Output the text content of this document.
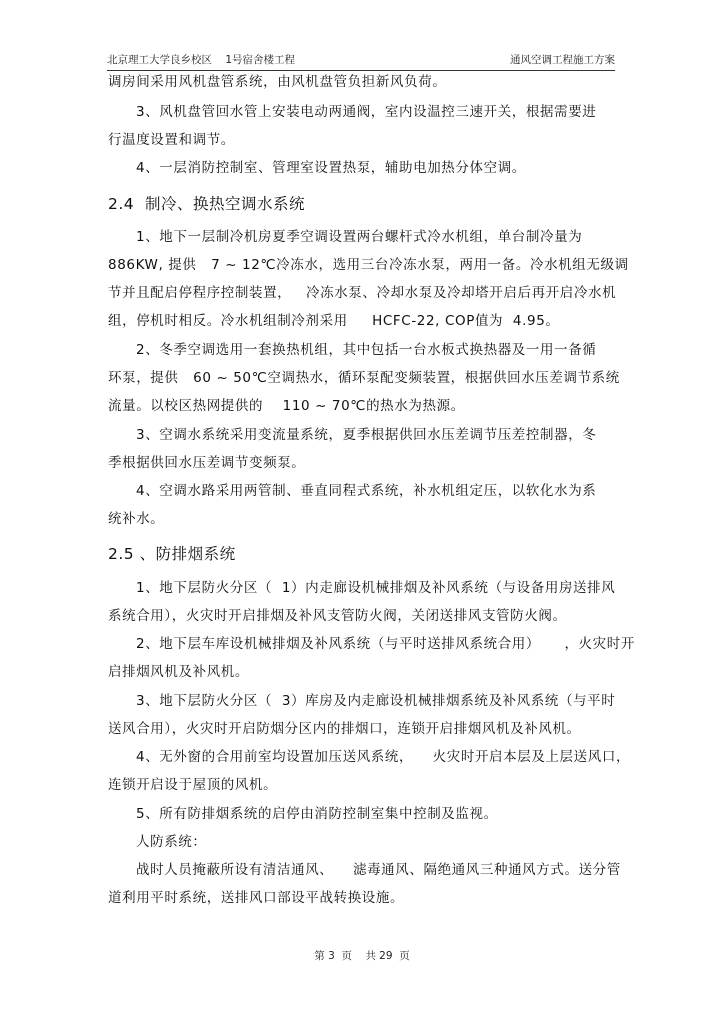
北京理工大学良乡校区    1号宿舍楼工程	通风空调工程施工方案
调房间采用风机盘管系统，由风机盘管负担新风负荷。
3、风机盘管回水管上安装电动两通阀，室内设温控三速开关，根据需要进
行温度设置和调节。
4、一层消防控制室、管理室设置热泵，辅助电加热分体空调。
2.4  制冷、换热空调水系统
1、地下一层制冷机房夏季空调设置两台螺杆式冷水机组，单台制冷量为
886KW, 提供   7 ~ 12℃冷冻水，选用三台冷冻水泵，两用一备。冷水机组无级调
节并且配启停程序控制装置，   冷冻水泵、冷却水泵及冷却塔开启后再开启冷水机
组，停机时相反。冷水机组制冷剂采用     HCFC-22, COP值为  4.95。
2、冬季空调选用一套换热机组，其中包括一台水板式换热器及一用一备循
环泵，提供   60 ~ 50℃空调热水，循环泵配变频装置，根据供回水压差调节系统
流量。以校区热网提供的    110 ~ 70℃的热水为热源。
3、空调水系统采用变流量系统，夏季根据供回水压差调节压差控制器，冬
季根据供回水压差调节变频泵。
4、空调水路采用两管制、垂直同程式系统，补水机组定压，以软化水为系
统补水。
2.5 、防排烟系统
1、地下层防火分区（  1）内走廊设机械排烟及补风系统（与设备用房送排风
系统合用），火灾时开启排烟及补风支管防火阀，关闭送排风支管防火阀。
2、地下层车库设机械排烟及补风系统（与平时送排风系统合用）     ，火灾时开
启排烟风机及补风机。
3、地下层防火分区（  3）库房及内走廊设机械排烟系统及补风系统（与平时
送风合用），火灾时开启防烟分区内的排烟口，连锁开启排烟风机及补风机。
4、无外窗的合用前室均设置加压送风系统，    火灾时开启本层及上层送风口，
连锁开启设于屋顶的风机。
5、所有防排烟系统的启停由消防控制室集中控制及监视。
人防系统：
战时人员掩蔽所设有清洁通风、    滤毒通风、隔绝通风三种通风方式。送分管
道利用平时系统，送排风口部设平战转换设施。
第 3  页    共 29  页
